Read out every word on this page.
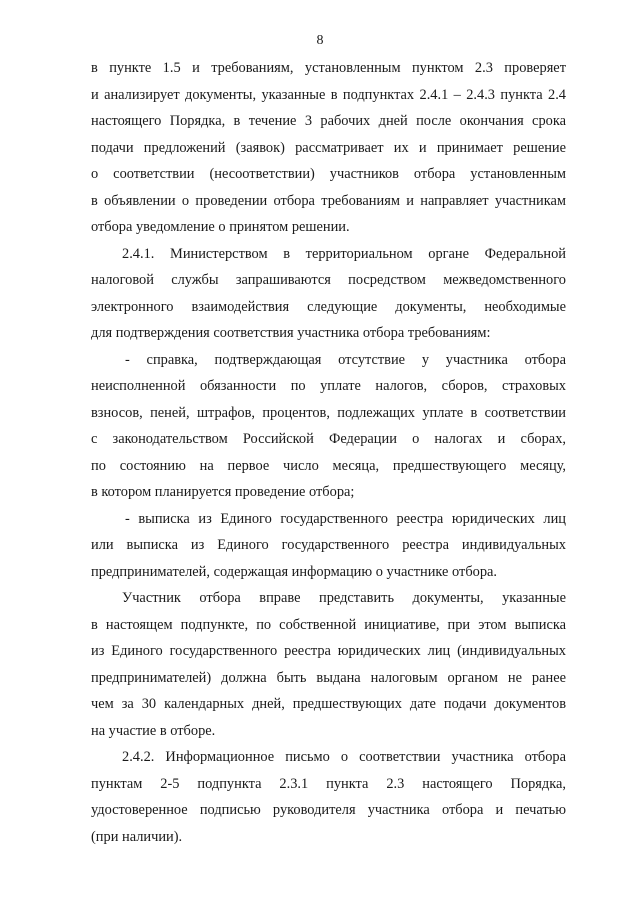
8
в пункте 1.5 и требованиям, установленным пунктом 2.3 проверяет
и анализирует документы, указанные в подпунктах 2.4.1 – 2.4.3 пункта 2.4
настоящего Порядка, в течение 3 рабочих дней после окончания срока
подачи предложений (заявок) рассматривает их и принимает решение
о соответствии (несоответствии) участников отбора установленным
в объявлении о проведении отбора требованиям и направляет участникам
отбора уведомление о принятом решении.
2.4.1. Министерством в территориальном органе Федеральной
налоговой службы запрашиваются посредством межведомственного
электронного взаимодействия следующие документы, необходимые
для подтверждения соответствия участника отбора требованиям:
- справка, подтверждающая отсутствие у участника отбора
неисполненной обязанности по уплате налогов, сборов, страховых
взносов, пеней, штрафов, процентов, подлежащих уплате в соответствии
с законодательством Российской Федерации о налогах и сборах,
по состоянию на первое число месяца, предшествующего месяцу,
в котором планируется проведение отбора;
- выписка из Единого государственного реестра юридических лиц
или выписка из Единого государственного реестра индивидуальных
предпринимателей, содержащая информацию о участнике отбора.
Участник отбора вправе представить документы, указанные
в настоящем подпункте, по собственной инициативе, при этом выписка
из Единого государственного реестра юридических лиц (индивидуальных
предпринимателей) должна быть выдана налоговым органом не ранее
чем за 30 календарных дней, предшествующих дате подачи документов
на участие в отборе.
2.4.2. Информационное письмо о соответствии участника отбора
пунктам 2-5 подпункта 2.3.1 пункта 2.3 настоящего Порядка,
удостоверенное подписью руководителя участника отбора и печатью
(при наличии).
